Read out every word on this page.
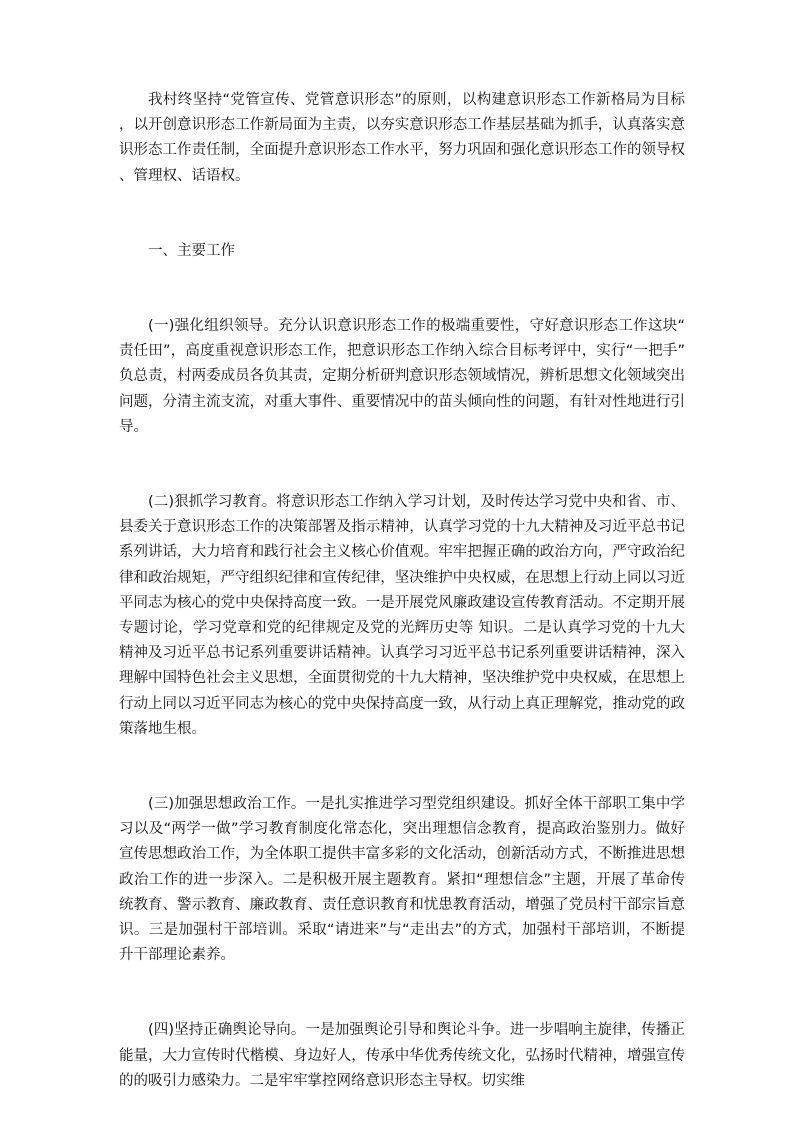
我村终坚持“党管宣传、党管意识形态”的原则，以构建意识形态工作新格局为目标，以开创意识形态工作新局面为主责，以夯实意识形态工作基层基础为抓手，认真落实意识形态工作责任制，全面提升意识形态工作水平，努力巩固和强化意识形态工作的领导权、管理权、话语权。

一、主要工作

(一)强化组织领导。充分认识意识形态工作的极端重要性，守好意识形态工作这块“责任田”，高度重视意识形态工作，把意识形态工作纳入综合目标考评中，实行“一把手”负总责，村两委成员各负其责，定期分析研判意识形态领域情况，辨析思想文化领域突出问题，分清主流支流，对重大事件、重要情况中的苗头倾向性的问题，有针对性地进行引导。

(二)狠抓学习教育。将意识形态工作纳入学习计划，及时传达学习党中央和省、市、县委关于意识形态工作的决策部署及指示精神，认真学习党的十九大精神及习近平总书记系列讲话，大力培育和践行社会主义核心价值观。牢牢把握正确的政治方向，严守政治纪律和政治规矩，严守组织纪律和宣传纪律，坚决维护中央权威，在思想上行动上同以习近平同志为核心的党中央保持高度一致。一是开展党风廉政建设宣传教育活动。不定期开展专题讨论，学习党章和党的纪律规定及党的光辉历史等 知识。二是认真学习党的十九大精神及习近平总书记系列重要讲话精神。认真学习习近平总书记系列重要讲话精神，深入理解中国特色社会主义思想，全面贯彻党的十九大精神，坚决维护党中央权威，在思想上行动上同以习近平同志为核心的党中央保持高度一致，从行动上真正理解党，推动党的政策落地生根。

(三)加强思想政治工作。一是扎实推进学习型党组织建设。抓好全体干部职工集中学习以及“两学一做”学习教育制度化常态化，突出理想信念教育，提高政治鉴别力。做好宣传思想政治工作，为全体职工提供丰富多彩的文化活动，创新活动方式，不断推进思想政治工作的进一步深入。二是积极开展主题教育。紧扣“理想信念”主题，开展了革命传统教育、警示教育、廉政教育、责任意识教育和忧患教育活动，增强了党员村干部宗旨意识。三是加强村干部培训。采取“请进来”与“走出去”的方式，加强村干部培训，不断提升干部理论素养。

(四)坚持正确舆论导向。一是加强舆论引导和舆论斗争。进一步唱响主旋律，传播正能量，大力宣传时代楷模、身边好人，传承中华优秀传统文化，弘扬时代精神，增强宣传的的吸引力感染力。二是牢牢掌控网络意识形态主导权。切实维
